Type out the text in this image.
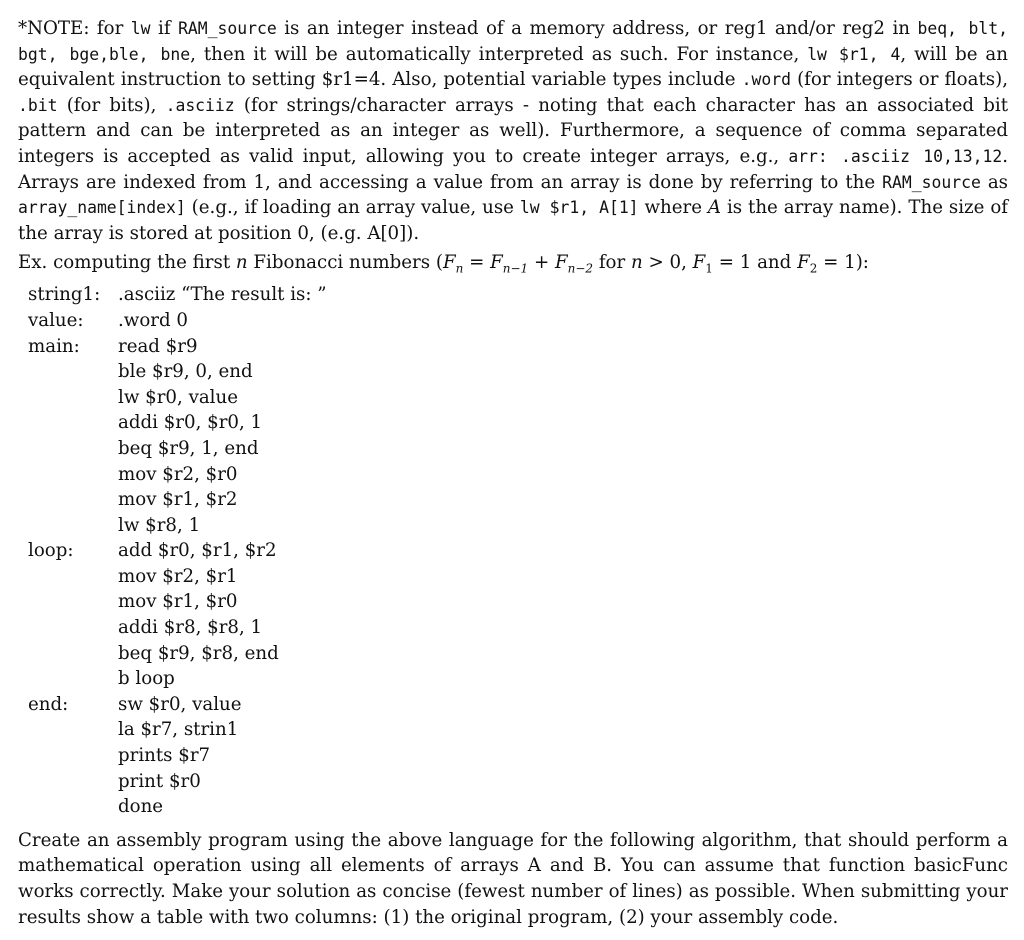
*NOTE: for lw if RAM_source is an integer instead of a memory address, or reg1 and/or reg2 in beq, blt, bgt, bge,ble, bne, then it will be automatically interpreted as such. For instance, lw $r1, 4, will be an equivalent instruction to setting $r1=4. Also, potential variable types include .word (for integers or floats), .bit (for bits), .asciiz (for strings/character arrays - noting that each character has an associated bit pattern and can be interpreted as an integer as well). Furthermore, a sequence of comma separated integers is accepted as valid input, allowing you to create integer arrays, e.g., arr: .asciiz 10,13,12. Arrays are indexed from 1, and accessing a value from an array is done by referring to the RAM_source as array_name[index] (e.g., if loading an array value, use lw $r1, A[1] where A is the array name). The size of the array is stored at position 0, (e.g. A[0]).

Ex. computing the first n Fibonacci numbers ($F_n = F_{n-1} + F_{n-2}$ for n > 0, $F_1 = 1$ and $F_2 = 1$):

string1: .asciiz “The result is: ”
value:	.word 0
main:	read $r9
ble $r9, 0, end
lw $r0, value
addi $r0, $r0, 1
beq $r9, 1, end
mov $r2, $r0
mov $r1, $r2
lw $r8, 1
loop:	add $r0, $r1, $r2
mov $r2, $r1
mov $r1, $r0
addi $r8, $r8, 1
beq $r9, $r8, end
b loop
end:	sw $r0, value
la $r7, strin1
prints $r7
print $r0
done

Create an assembly program using the above language for the following algorithm, that should perform a mathematical operation using all elements of arrays A and B. You can assume that function basicFunc works correctly. Make your solution as concise (fewest number of lines) as possible. When submitting your results show a table with two columns: (1) the original program, (2) your assembly code.
